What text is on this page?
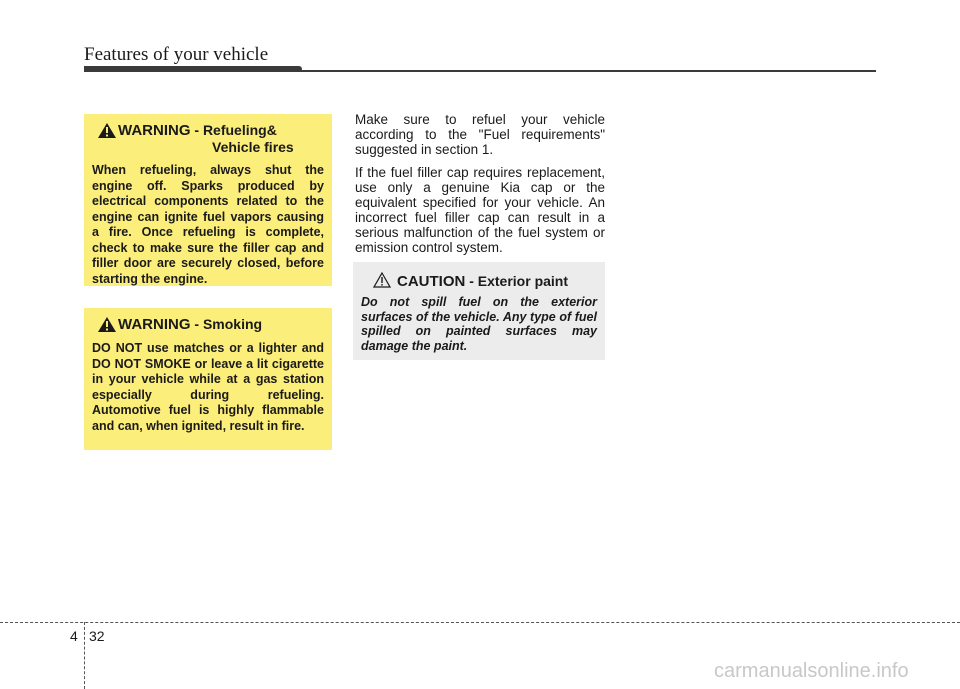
Features of your vehicle
WARNING - Refueling&
Vehicle fires
When refueling, always shut the engine off. Sparks produced by electrical components related to the engine can ignite fuel vapors causing a fire. Once refueling is complete, check to make sure the filler cap and filler door are securely closed, before starting the engine.
WARNING - Smoking
DO NOT use matches or a lighter and DO NOT SMOKE or leave a lit cigarette in your vehicle while at a gas station especially during refueling. Automotive fuel is highly flammable and can, when ignited, result in fire.

Make sure to refuel your vehicle according to the "Fuel requirements" suggested in section 1.

If the fuel filler cap requires replacement, use only a genuine Kia cap or the equivalent specified for your vehicle. An incorrect fuel filler cap can result in a serious malfunction of the fuel system or emission control system.

CAUTION - Exterior paint
Do not spill fuel on the exterior surfaces of the vehicle. Any type of fuel spilled on painted surfaces may damage the paint.
4 32
carmanualsonline.info
